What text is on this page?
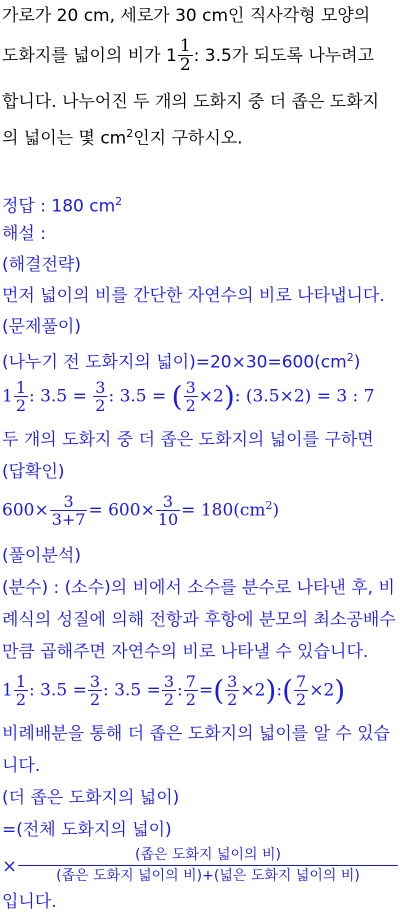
가로가 20 cm, 세로가 30 cm인 직사각형 모양의
도화지를 넓이의 비가 $1 \frac{1}{2}$ : 3.5가 되도록 나누려고
합니다. 나누어진 두 개의 도화지 중 더 좁은 도화지
의 넓이는 몇 $cm^2$인지 구하시오.
정답 : 180 $cm^2$
해설 :
(해결전략)
먼저 넓이의 비를 간단한 자연수의 비로 나타냅니다.
(문제풀이)
(나누기 전 도화지의 넓이)$=20\times 30=600(cm^2)$
$1 \frac{1}{2}$ : $3.5 = \frac{3}{2}$ : 3.5 = ( $\frac{3}{2} \times 2$): (3.5×2) = 3 : 7
두 개의 도화지 중 더 좁은 도화지의 넓이를 구하면
(답확인)
$600\times \frac{3}{3+7} = 600\times \frac{3}{10} = 180(cm^2)$
(풀이분석)
(분수) : (소수)의 비에서 소수를 분수로 나타낸 후, 비
례식의 성질에 의해 전항과 후항에 분모의 최소공배수
만큼 곱해주면 자연수의 비로 나타낼 수 있습니다.
$1 \frac{1}{2}$ : $3.5 = \frac{3}{2}$ : $3.5 = \frac{3}{2}$ : $\frac{7}{2}$ =( $\frac{3}{2}$ ×2):( $\frac{7}{2} \times 2$)
비례배분을 통해 더 좁은 도화지의 넓이를 알 수 있습
니다.
(더 좁은 도화지의 넓이)
=(전체 도화지의 넓이)
×
(좁은 도화지 넓이의 비)
(좁은 도화지 넓이의 비)+(넓은 도화지 넓이의 비)
입니다.
